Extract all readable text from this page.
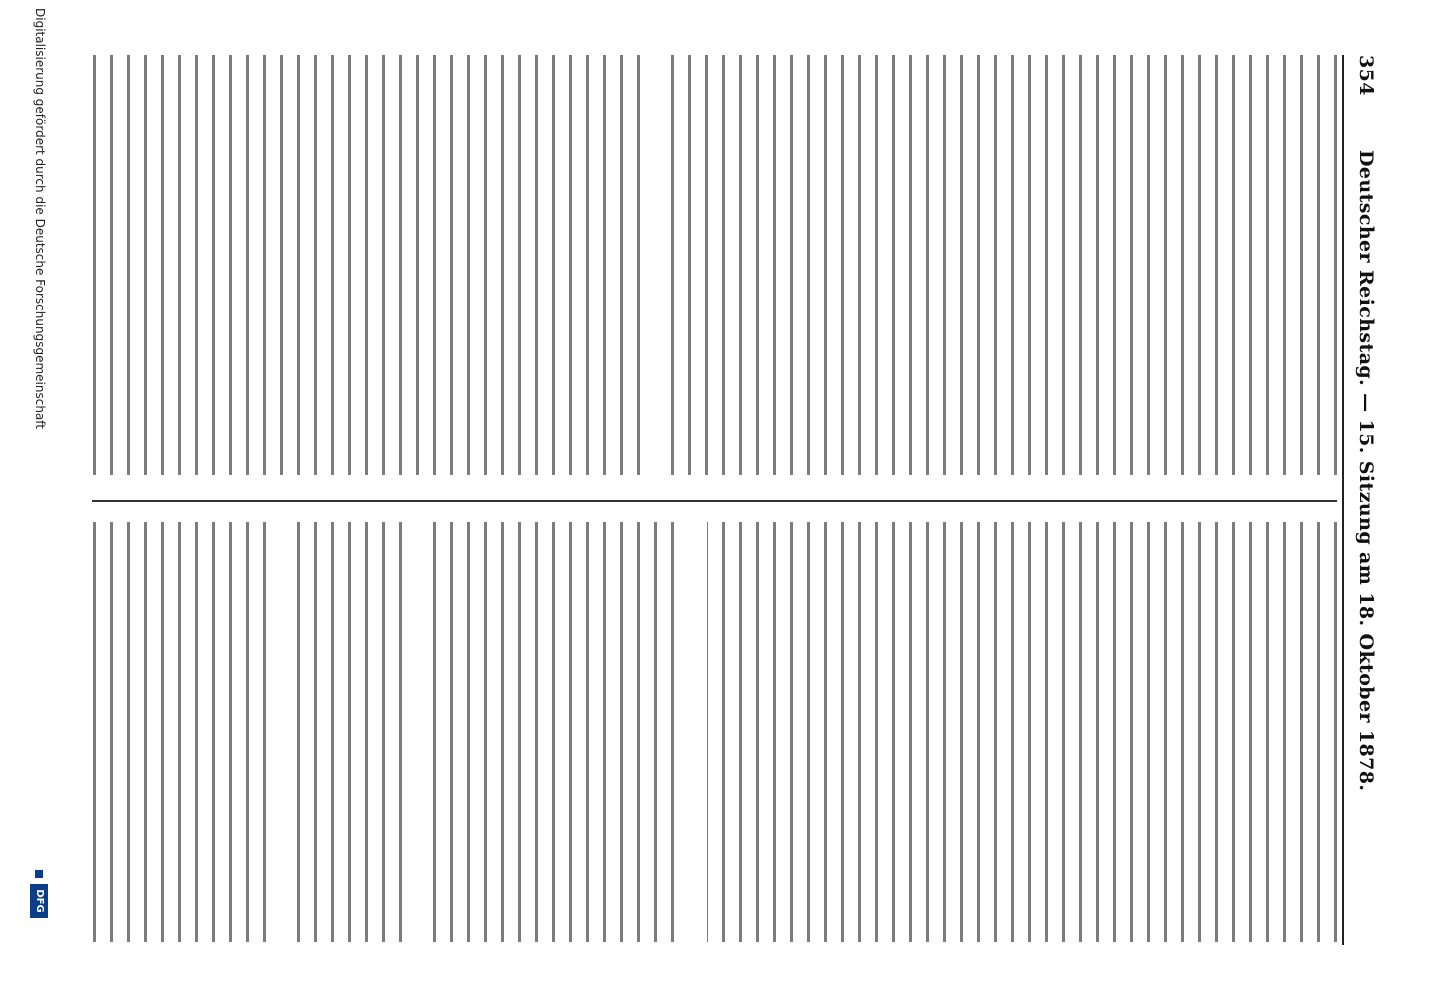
354
Deutscher Reichstag. — 15. Sitzung am 18. Oktober 1878.
Digitalisierung gefördert durch die Deutsche Forschungsgemeinschaft
DFG
